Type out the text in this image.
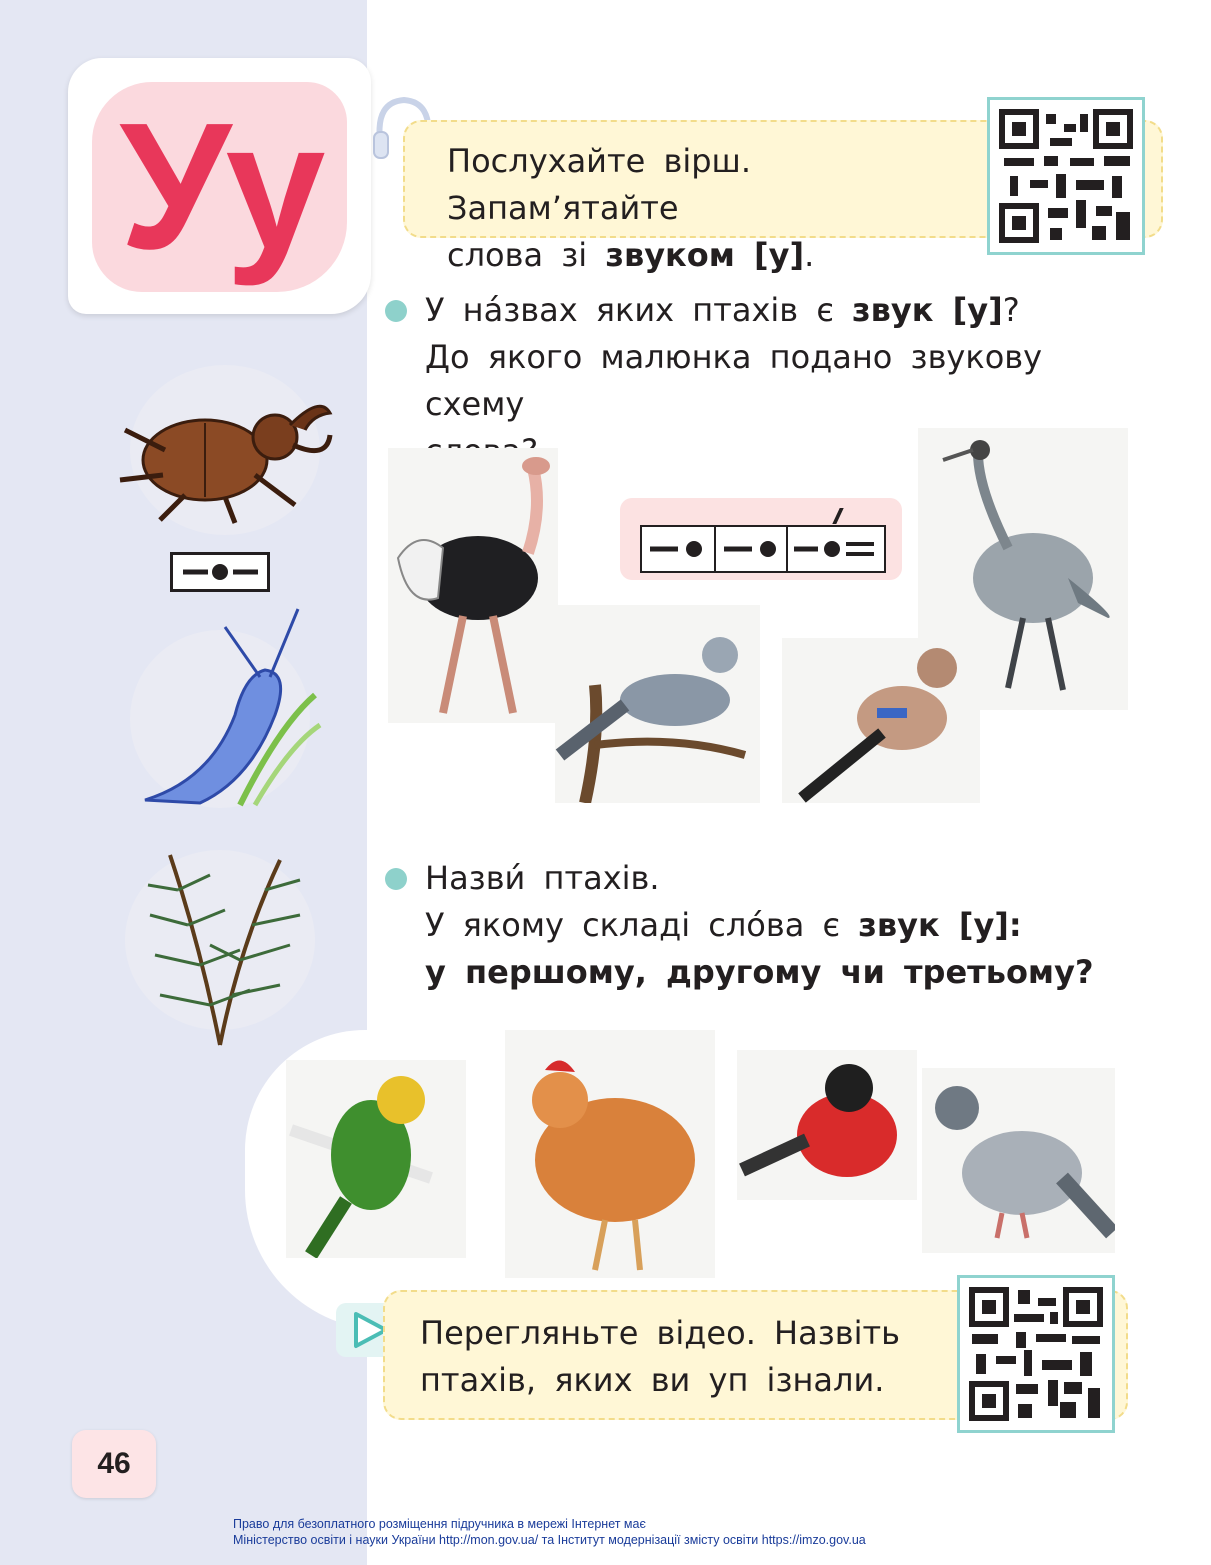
Уу	Послухайте вірш. Запам’ятайте
слова зі звуком [у].
У на́звах яких птахів є звук [у]?
До якого малюнка подано звукову схему
Назви́ птахів.
У якому складі сло́ва є звук [у]:
у першому, другому чи третьому?
Перегляньте відео. Назвіть
птахів, яких ви уп ізнали.
46
Право для безоплатного розміщення підручника в мережі Інтернет має
Міністерство освіти і науки України http://mon.gov.ua/ та Інститут модернізації змісту освіти https://imzo.gov.ua
